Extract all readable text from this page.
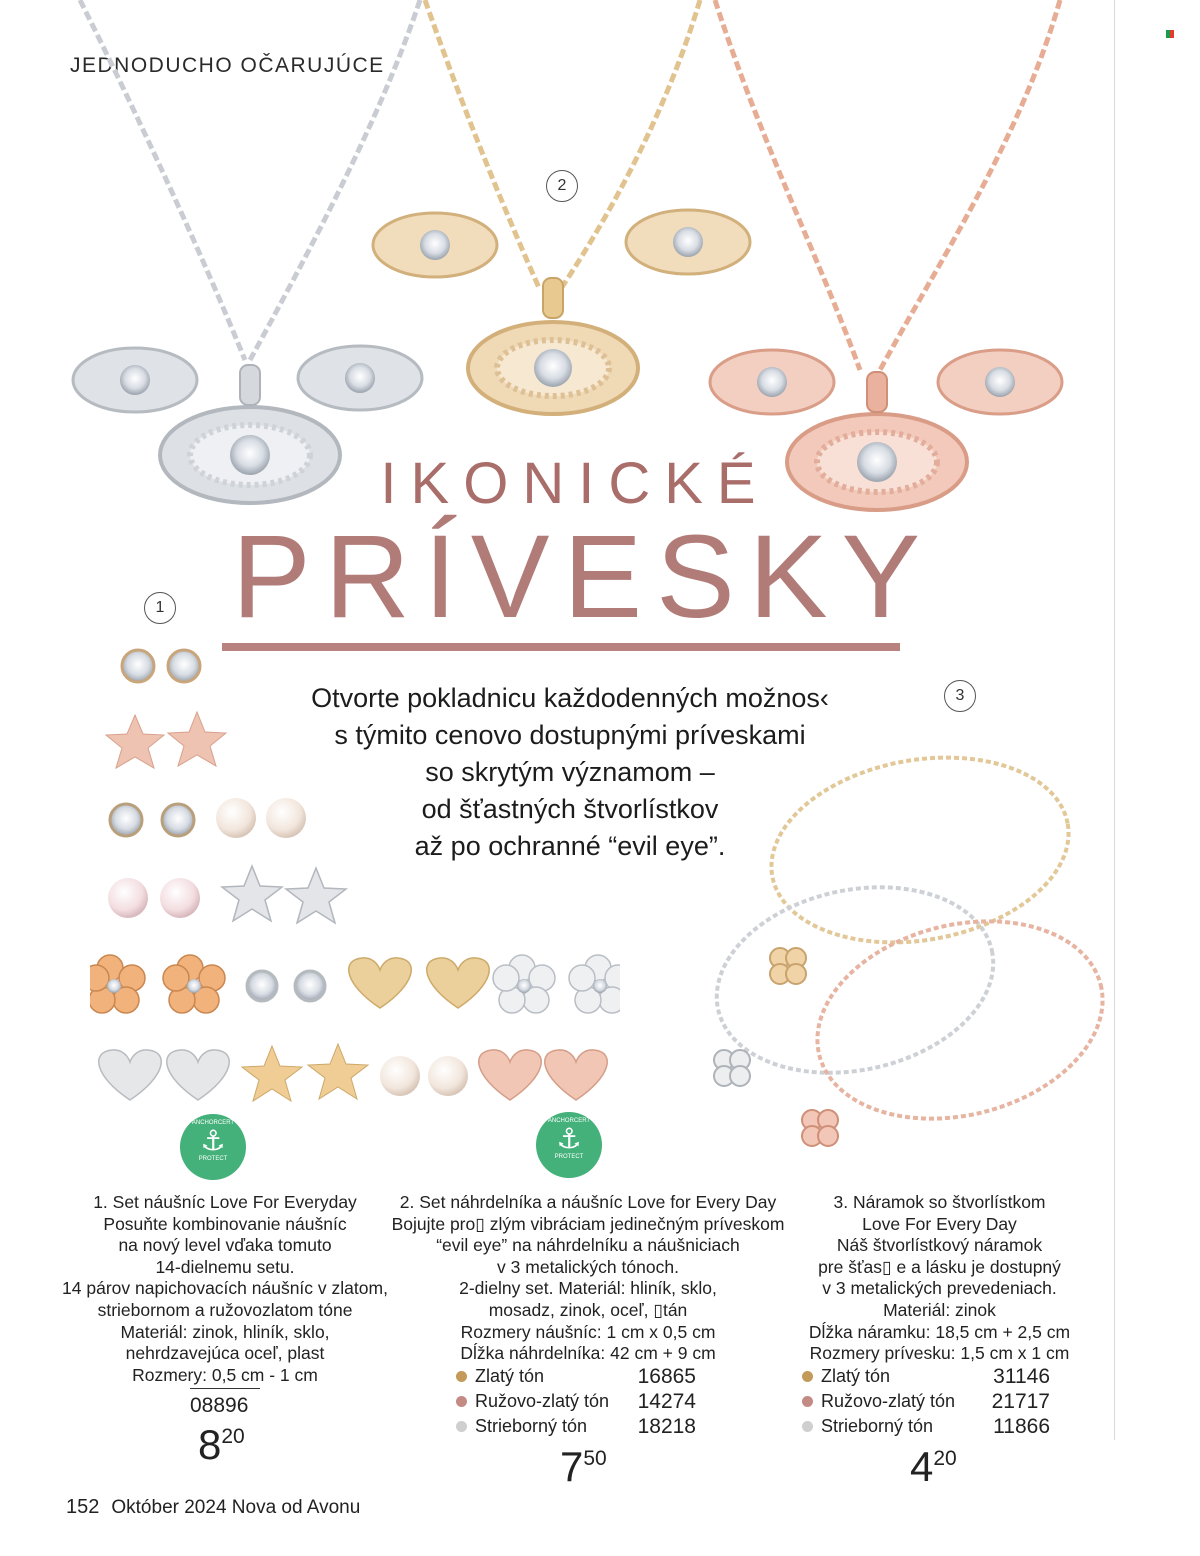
JEDNODUCHO OČARUJÚCE
2
1
3
IKONICKÉ
PRÍVESKY
Otvorte pokladnicu každodenných možnos‹
s týmito cenovo dostupnými príveskami
so skrytým významom –
od šťastných štvorlístkov
až po ochranné “evil eye”.
ANCHORCERT
⚓
PROTECT
ANCHORCERT
⚓
PROTECT
1. Set náušníc Love For Everyday
Posuňte kombinovanie náušníc
na nový level vďaka tomuto
14-dielnemu setu.
14 párov napichovacích náušníc v zlatom,
striebornom a ružovozlatom tóne
Materiál: zinok, hliník, sklo,
nehrdzavejúca oceľ, plast
Rozmery: 0,5 cm - 1 cm
08896
820
2. Set náhrdelníka a náušníc Love for Every Day
Bojujte pro▯ zlým vibráciam jedinečným príveskom
“evil eye” na náhrdelníku a náušniciach
v 3 metalických tónoch.
2-dielny set. Materiál: hliník, sklo,
mosadz, zinok, oceľ, ▯tán
Rozmery náušníc: 1 cm x 0,5 cm
Dĺžka náhrdelníka: 42 cm + 9 cm
Zlatý tón	16865
Ružovo-zlatý tón 14274
Strieborný tón 18218
750
3. Náramok so štvorlístkom
Love For Every Day
Náš štvorlístkový náramok
pre šťas▯ e a lásku je dostupný
v 3 metalických prevedeniach.
Materiál: zinok
Dĺžka náramku: 18,5 cm + 2,5 cm
Rozmery prívesku: 1,5 cm x 1 cm
Zlatý tón	31146
Ružovo-zlatý tón 21717
Strieborný tón	11866
420
152 Október 2024 Nova od Avonu
